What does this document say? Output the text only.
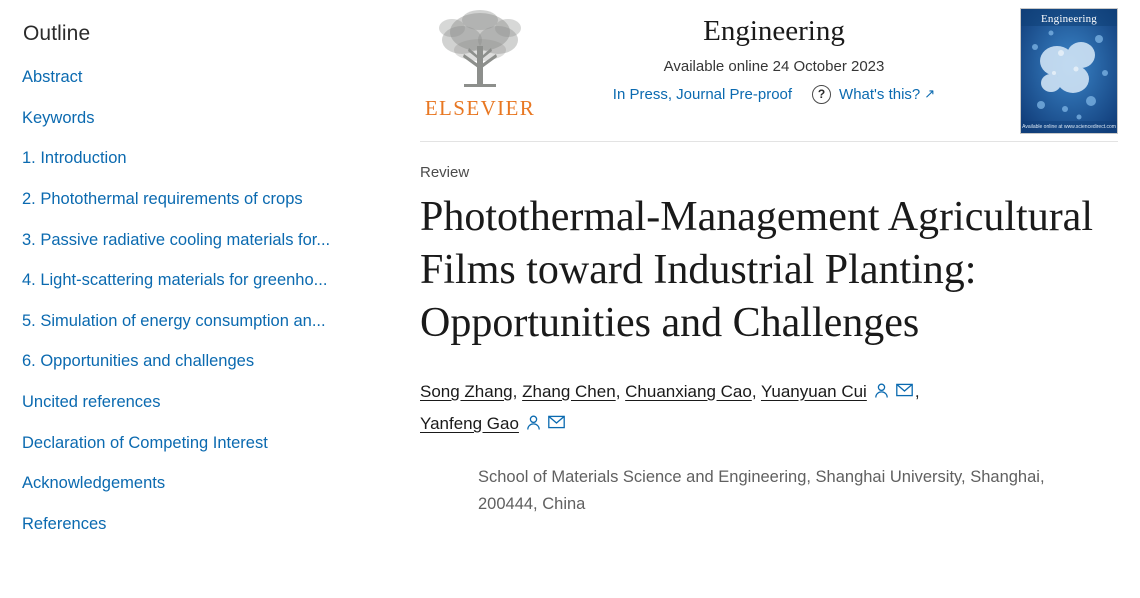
Outline
Abstract
Keywords
1. Introduction
2. Photothermal requirements of crops
3. Passive radiative cooling materials for...
4. Light-scattering materials for greenho...
5. Simulation of energy consumption an...
6. Opportunities and challenges
Uncited references
Declaration of Competing Interest
Acknowledgements
References
ELSEVIER
Engineering
Available online 24 October 2023
In Press, Journal Pre-proof	? What's this? ↗
Engineering
Available online at www.sciencedirect.com
Review
Photothermal-Management Agricultural Films toward Industrial Planting: Opportunities and Challenges
Song Zhang, Zhang Chen, Chuanxiang Cao, Yuanyuan Cui	,
Yanfeng Gao
School of Materials Science and Engineering, Shanghai University, Shanghai, 200444, China
